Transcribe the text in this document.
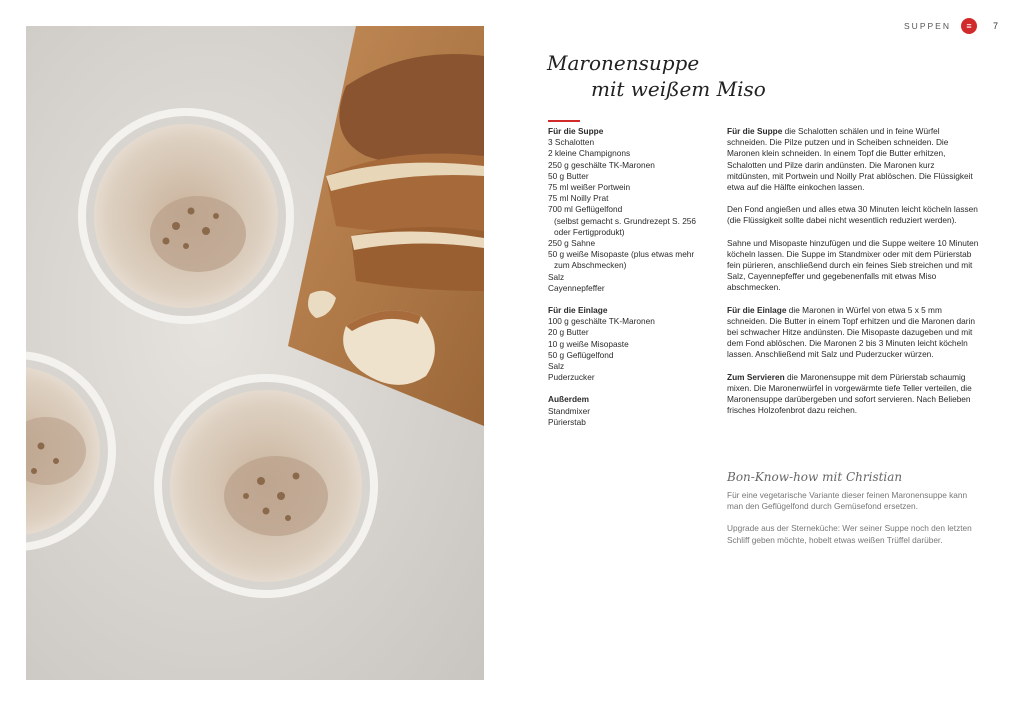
SUPPEN	≡	7
Maronensuppe
mit weißem Miso
Für die Suppe
3 Schalotten
2 kleine Champignons
250 g geschälte TK-Maronen
50 g Butter
75 ml weißer Portwein
75 ml Noilly Prat
700 ml Geflügelfond
(selbst gemacht s. Grundrezept S. 256
oder Fertigprodukt)
250 g Sahne
50 g weiße Misopaste (plus etwas mehr
zum Abschmecken)
Salz
Cayennepfeffer
Für die Einlage
100 g geschälte TK-Maronen
20 g Butter
10 g weiße Misopaste
50 g Geflügelfond
Salz
Puderzucker
Außerdem
Standmixer
Pürierstab

Für die Suppe die Schalotten schälen und in feine Würfel schneiden. Die Pilze putzen und in Scheiben schneiden. Die Maronen klein schneiden. In einem Topf die Butter erhitzen, Schalotten und Pilze darin andünsten. Die Maronen kurz mitdünsten, mit Portwein und Noilly Prat ablöschen. Die Flüssigkeit etwa auf die Hälfte einkochen lassen.

Den Fond angießen und alles etwa 30 Minuten leicht köcheln lassen (die Flüssigkeit sollte dabei nicht wesentlich reduziert werden).

Sahne und Misopaste hinzufügen und die Suppe weitere 10 Minuten köcheln lassen. Die Suppe im Standmixer oder mit dem Pürierstab fein pürieren, anschließend durch ein feines Sieb streichen und mit Salz, Cayennepfeffer und gegebenenfalls mit etwas Miso abschmecken.

Für die Einlage die Maronen in Würfel von etwa 5 x 5 mm schneiden. Die Butter in einem Topf erhitzen und die Maronen darin bei schwacher Hitze andünsten. Die Misopaste dazugeben und mit dem Fond ablöschen. Die Maronen 2 bis 3 Minuten leicht köcheln lassen. Anschließend mit Salz und Puderzucker würzen.

Zum Servieren die Maronensuppe mit dem Pürierstab schaumig mixen. Die Maronenwürfel in vorgewärmte tiefe Teller verteilen, die Maronensuppe darübergeben und sofort servieren. Nach Belieben frisches Holzofenbrot dazu reichen.

Bon-Know-how mit Christian

Für eine vegetarische Variante dieser feinen Maronensuppe kann man den Geflügelfond durch Gemüsefond ersetzen.

Upgrade aus der Sterneküche: Wer seiner Suppe noch den letzten Schliff geben möchte, hobelt etwas weißen Trüffel darüber.
